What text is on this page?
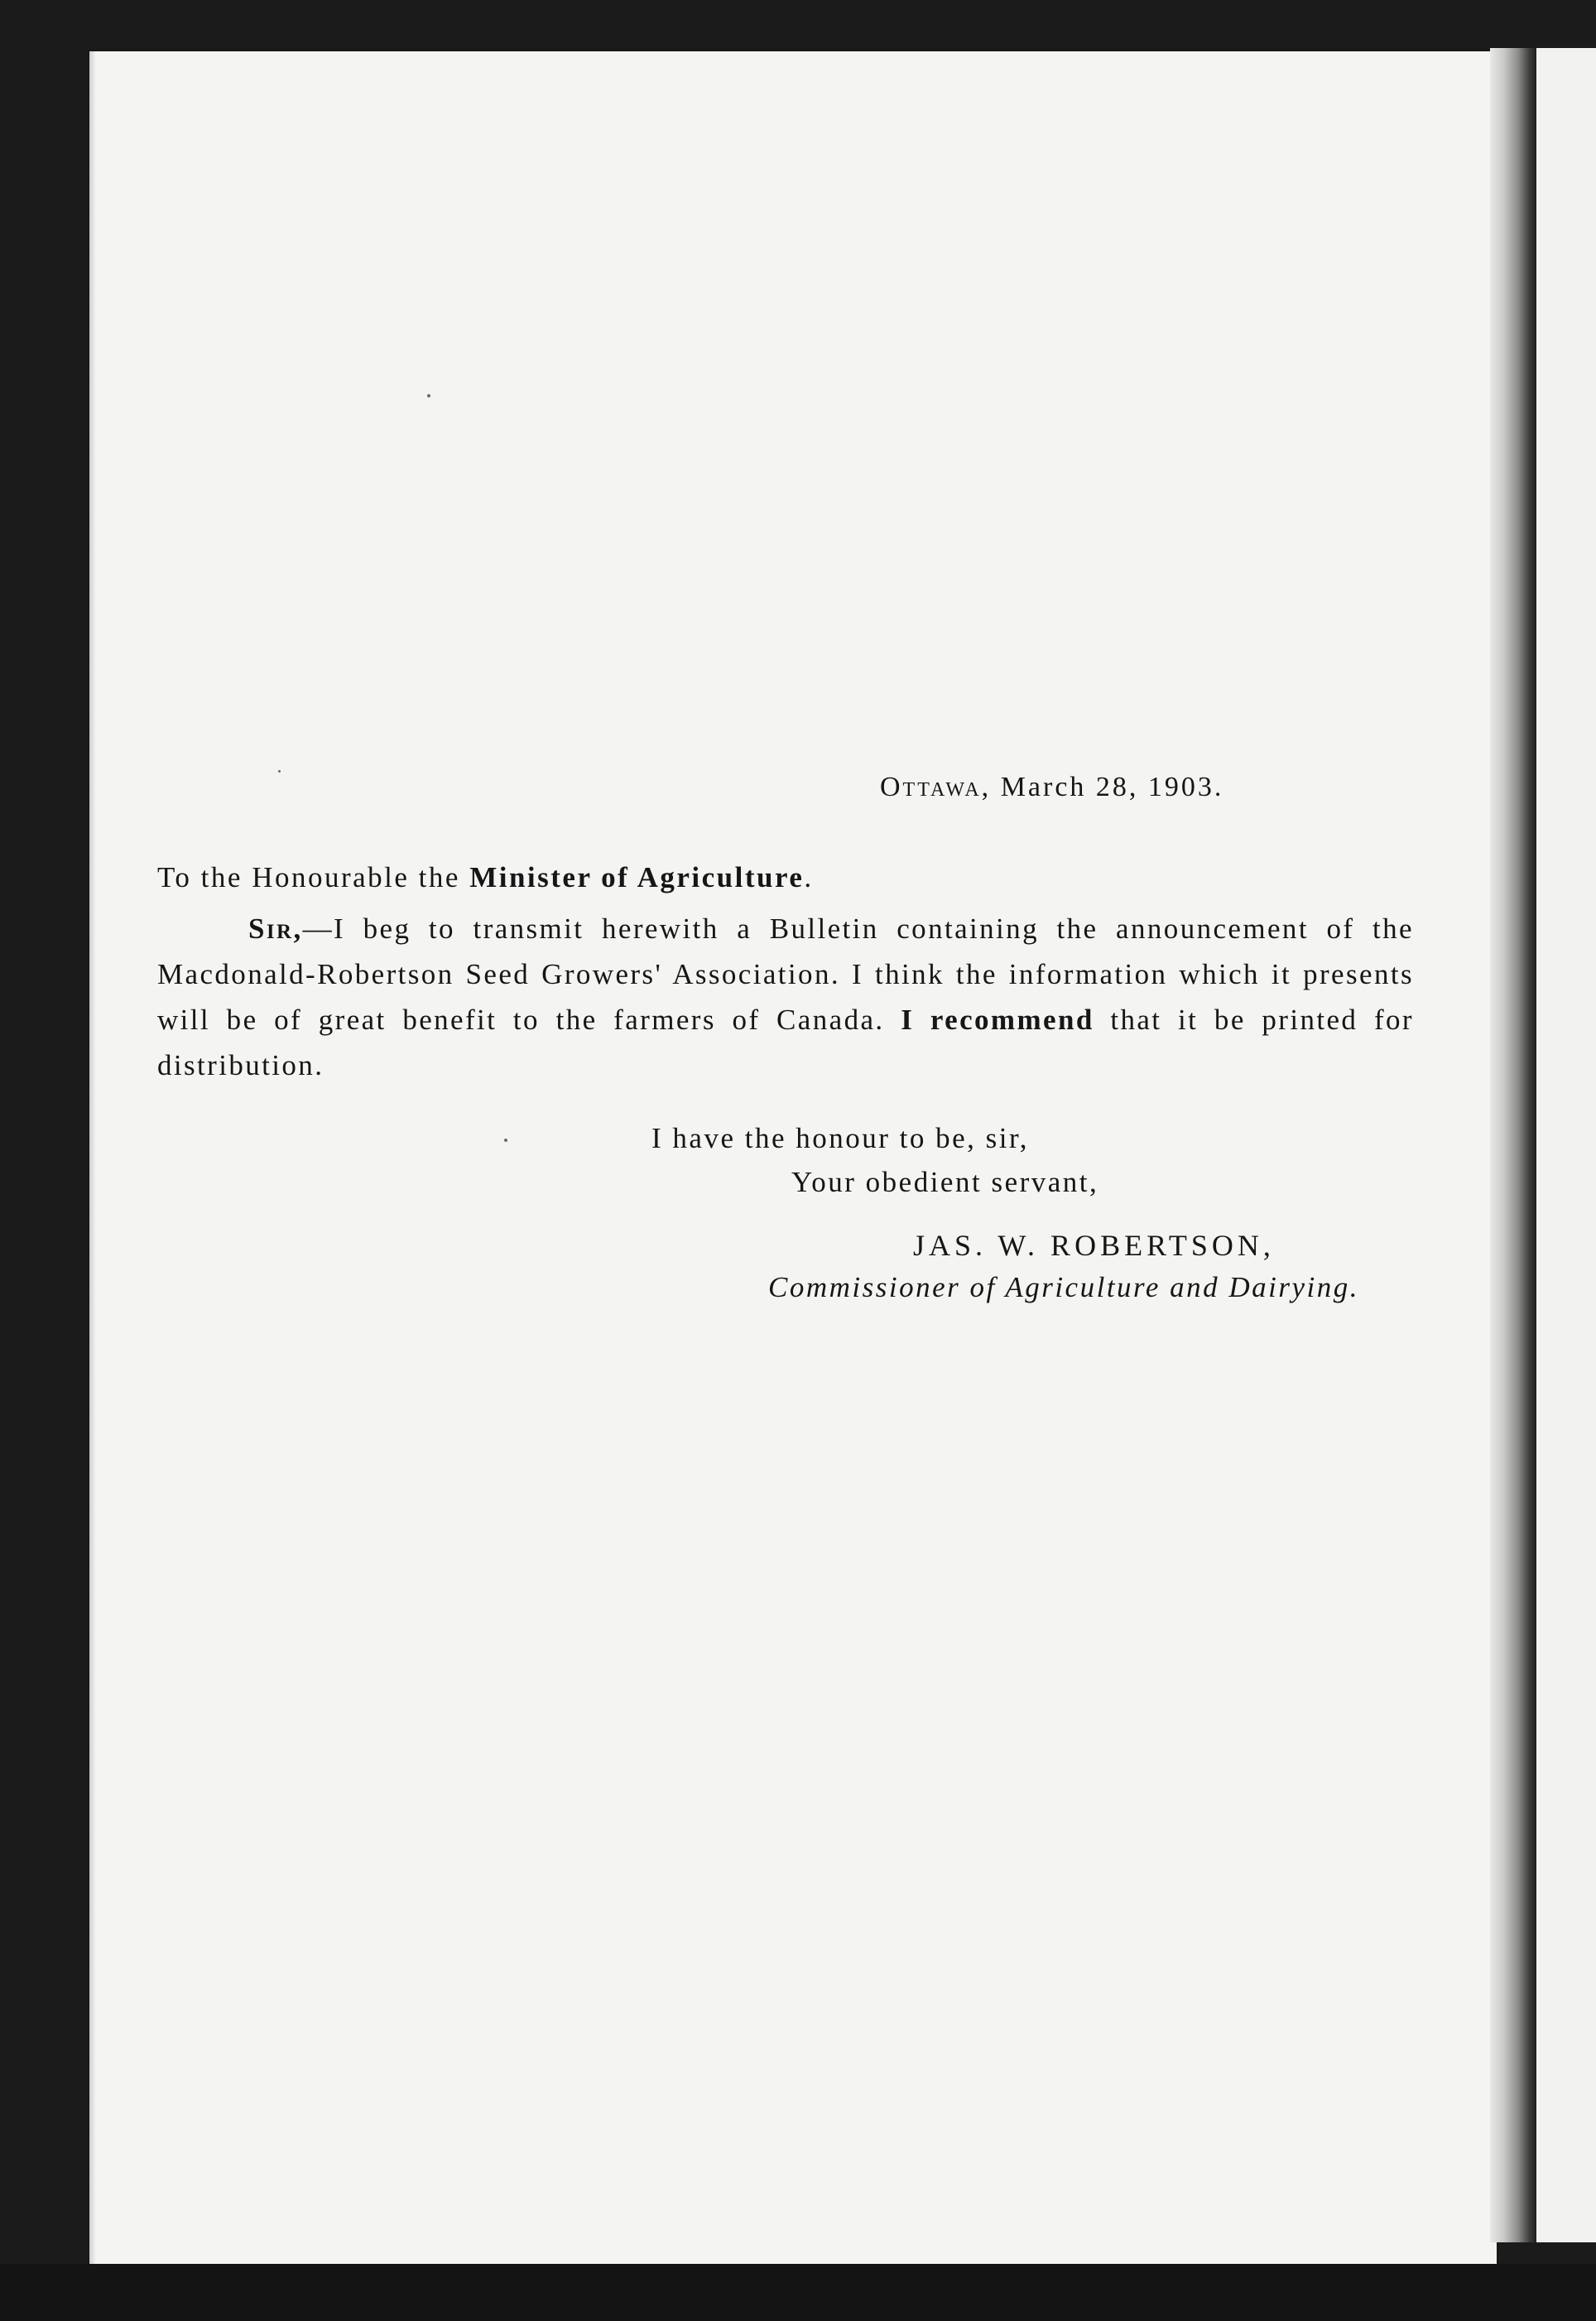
Ottawa, March 28, 1903.
To the Honourable the Minister of Agriculture.
Sir,—I beg to transmit herewith a Bulletin containing the announcement of the Macdonald-Robertson Seed Growers' Association. I think the information which it presents will be of great benefit to the farmers of Canada. I recommend that it be printed for distribution.
I have the honour to be, sir,
Your obedient servant,
JAS. W. ROBERTSON,
Commissioner of Agriculture and Dairying.
